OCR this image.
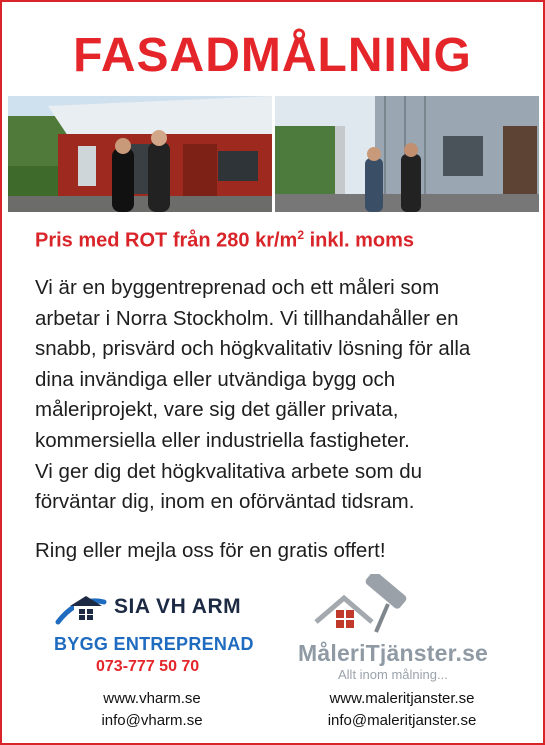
FASADMÅLNING
Pris med ROT från 280 $kr/m^2$ inkl. moms

Vi är en byggentreprenad och ett måleri som

arbetar i Norra Stockholm. Vi tillhandahåller en

snabb, prisvärd och högkvalitativ lösning för alla

dina invändiga eller utvändiga bygg och

måleriprojekt, vare sig det gäller privata,

kommersiella eller industriella fastigheter.

Vi ger dig det högkvalitativa arbete som du

förväntar dig, inom en oförväntad tidsram.

Ring eller mejla oss för en gratis offert!
SIA VH ARM
BYGG ENTREPRENAD
073-777 50 70
MåleriTjänster.se
Allt inom målning...
www.vharm.se
info@vharm.se
www.maleritjanster.se
info@maleritjanster.se
